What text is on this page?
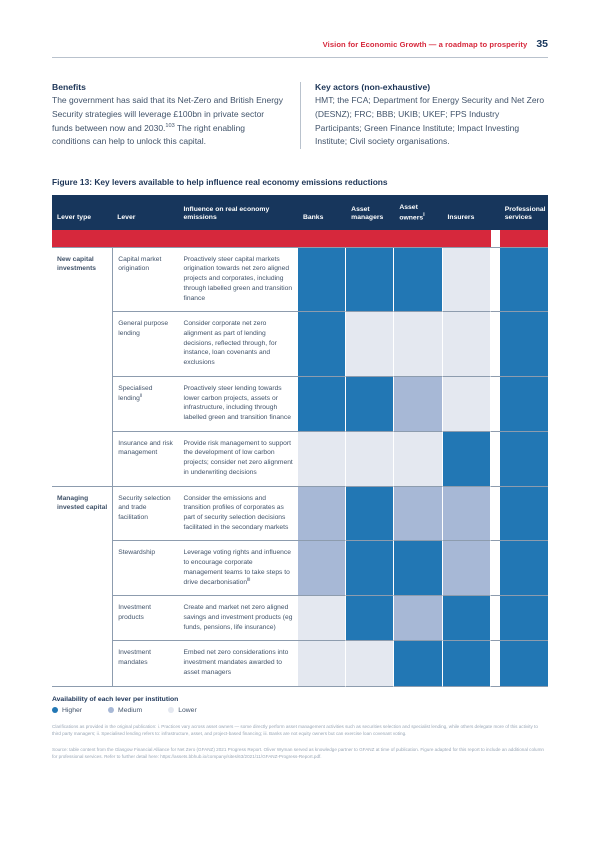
Vision for Economic Growth — a roadmap to prosperity 35
Benefits

The government has said that its Net-Zero and British Energy Security strategies will leverage £100bn in private sector funds between now and 2030.$^{103}$ The right enabling conditions can help to unlock this capital.

Key actors (non-exhaustive)

HMT; the FCA; Department for Energy Security and Net Zero (DESNZ); FRC; BBB; UKIB; UKEF; FPS Industry Participants; Green Finance Institute; Impact Investing Institute; Civil society organisations.

Figure 13: Key levers available to help influence real economy emissions reductions
Lever type	Lever	Influence on real economy emissions	Banks	Asset managers	Asset owners$^i$	Insurers		Professional services

New capital investments	Capital market origination	Proactively steer capital markets origination towards net zero aligned projects and corporates, including through labelled green and transition finance						
	General purpose lending	Consider corporate net zero alignment as part of lending decisions, reflected through, for instance, loan covenants and exclusions						
	Specialised lending$^{ii}$	Proactively steer lending towards lower carbon projects, assets or infrastructure, including through labelled green and transition finance						
	Insurance and risk management	Provide risk management to support the development of low carbon projects; consider net zero alignment in underwriting decisions						
Managing invested capital	Security selection and trade facilitation	Consider the emissions and transition profiles of corporates as part of security selection decisions facilitated in the secondary markets						
	Stewardship	Leverage voting rights and influence to encourage corporate management teams to take steps to drive decarbonisation$^{iii}$						
	Investment products	Create and market net zero aligned savings and investment products (eg funds, pensions, life insurance)						
	Investment mandates	Embed net zero considerations into investment mandates awarded to asset managers						
Availability of each lever per institution
Higher	Medium	Lower
Clarifications as provided in the original publication: i. Practices vary across asset owners — some directly perform asset management activities such as securities selection and specialist lending, while others delegate more of this activity to third party managers; ii. Specialised lending refers to: infrastructure, asset, and project-based financing; iii. Banks are not equity owners but can exercise loan covenant voting.
Source: table content from the Glasgow Financial Alliance for Net Zero (GFANZ) 2021 Progress Report. Oliver Wyman served as knowledge partner to GFANZ at time of publication. Figure adapted for this report to include an additional column for professional services. Refer to further detail here: https://assets.bbhub.io/company/sites/63/2021/11/GFANZ-Progress-Report.pdf.
